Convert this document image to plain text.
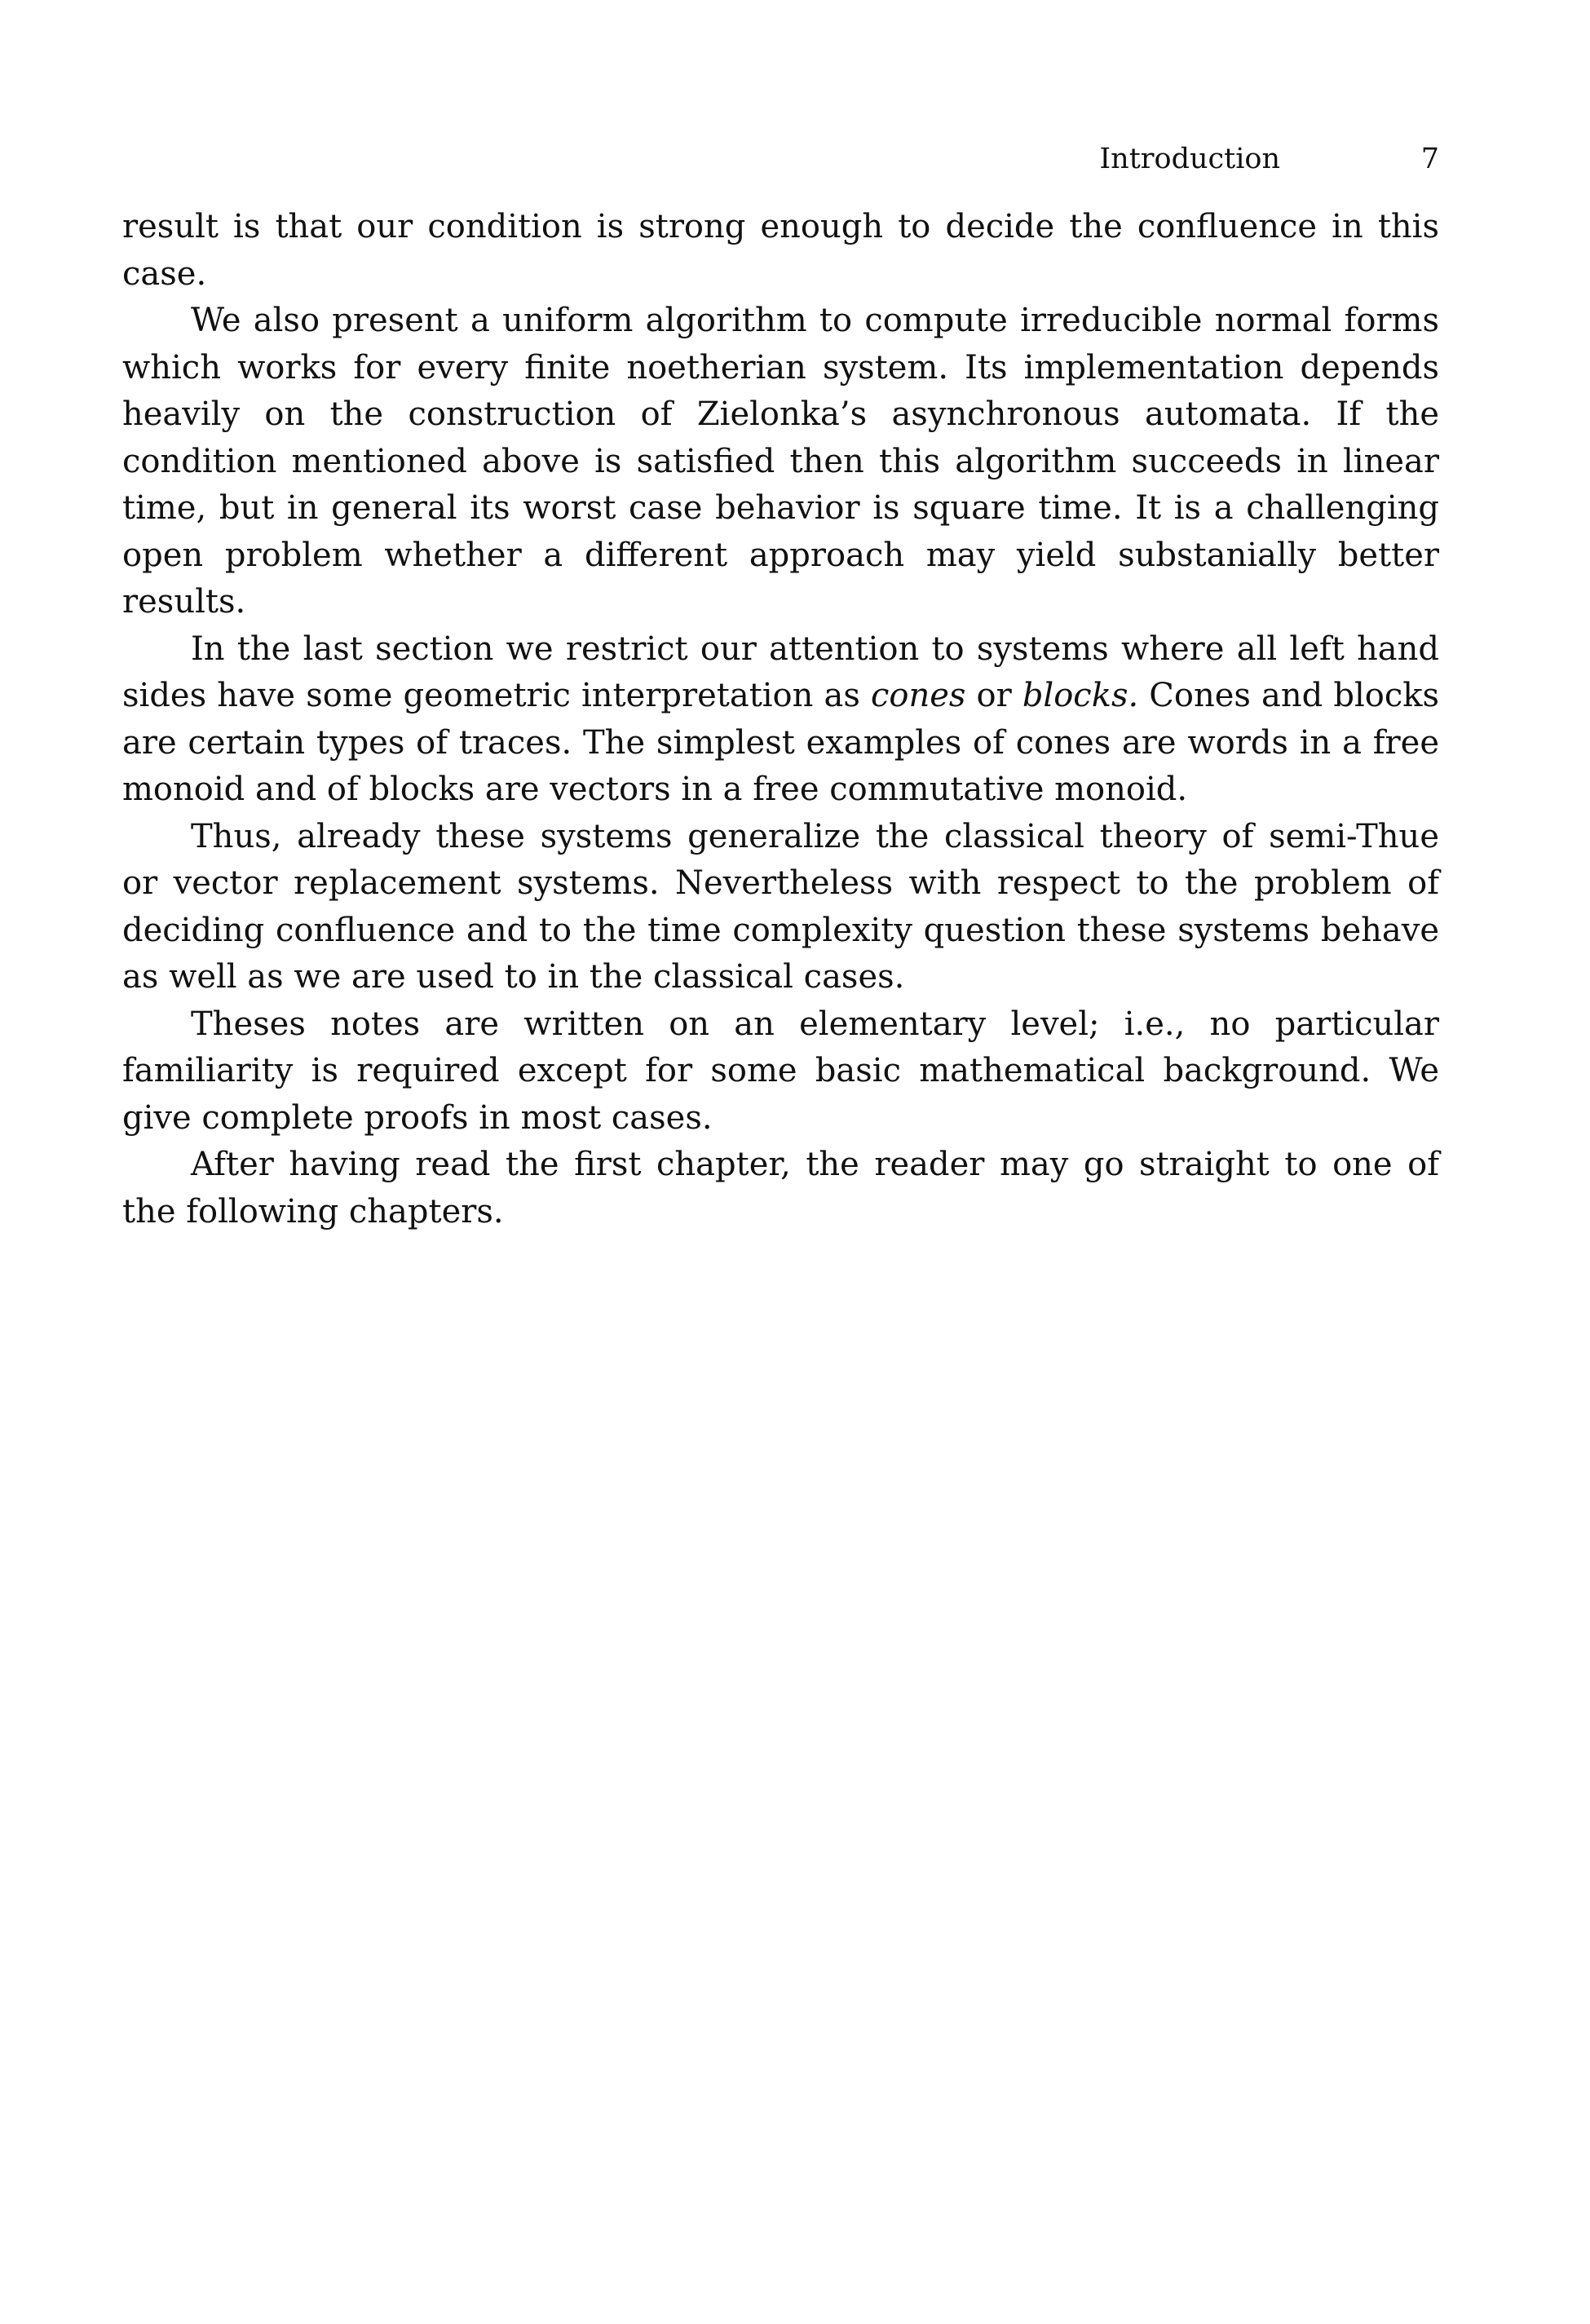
Introduction	7

result is that our condition is strong enough to decide the confluence in this case.

We also present a uniform algorithm to compute irreducible normal forms which works for every finite noetherian system. Its implementation depends heavily on the construction of Zielonka’s asynchronous automata. If the condition mentioned above is satisfied then this algorithm succeeds in linear time, but in general its worst case behavior is square time. It is a challenging open problem whether a different approach may yield substanially better results.

In the last section we restrict our attention to systems where all left hand sides have some geometric interpretation as cones or blocks. Cones and blocks are certain types of traces. The simplest examples of cones are words in a free monoid and of blocks are vectors in a free commutative monoid.

Thus, already these systems generalize the classical theory of semi-Thue or vector replacement systems. Nevertheless with respect to the problem of deciding confluence and to the time complexity question these systems behave as well as we are used to in the classical cases.

Theses notes are written on an elementary level; i.e., no particular familiarity is required except for some basic mathematical background. We give complete proofs in most cases.

After having read the first chapter, the reader may go straight to one of the following chapters.
